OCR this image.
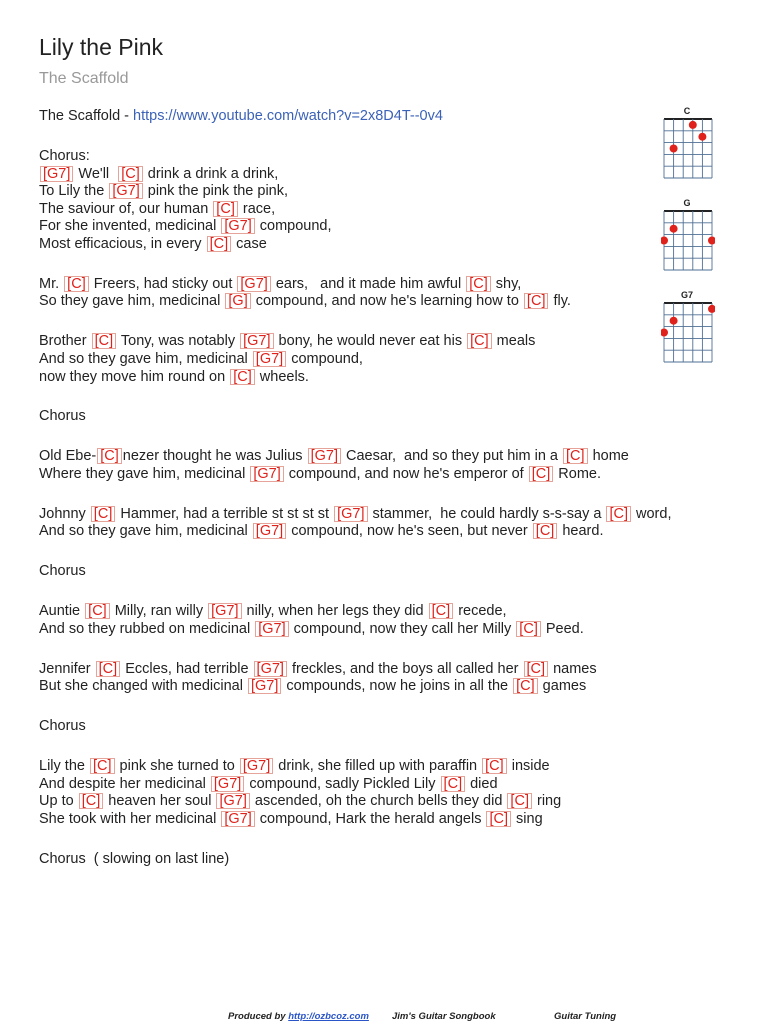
Lily the Pink
The Scaffold
The Scaffold - https://www.youtube.com/watch?v=2x8D4T--0v4
Chorus:
[G7] We'll  [C] drink a drink a drink,
To Lily the [G7] pink the pink the pink,
The saviour of, our human [C] race,
For she invented, medicinal [G7] compound,
Most efficacious, in every [C] case
Mr. [C] Freers, had sticky out [G7] ears,   and it made him awful [C] shy,
So they gave him, medicinal [G] compound, and now he's learning how to [C] fly.
Brother [C] Tony, was notably [G7] bony, he would never eat his [C] meals
And so they gave him, medicinal [G7] compound,
now they move him round on [C] wheels.
Chorus
Old Ebe- [C] nezer thought he was Julius [G7] Caesar,  and so they put him in a [C] home
Where they gave him, medicinal [G7] compound, and now he's emperor of [C] Rome.
Johnny [C] Hammer, had a terrible st st st st [G7] stammer,  he could hardly s-s-say a [C] word,
And so they gave him, medicinal [G7] compound, now he's seen, but never [C] heard.
Chorus
Auntie [C] Milly, ran willy [G7] nilly, when her legs they did [C] recede,
And so they rubbed on medicinal [G7] compound, now they call her Milly [C] Peed.
Jennifer [C] Eccles, had terrible [G7] freckles, and the boys all called her [C] names
But she changed with medicinal [G7] compounds, now he joins in all the [C] games
Chorus
Lily the [C] pink she turned to [G7] drink, she filled up with paraffin [C] inside
And despite her medicinal [G7] compound, sadly Pickled Lily [C] died
Up to [C] heaven her soul [G7] ascended, oh the church bells they did [C] ring
She took with her medicinal [G7] compound, Hark the herald angels [C] sing
Chorus  ( slowing on last line)
C
G
G7
Produced by http://ozbcoz.com Jim's Guitar Songbook	Guitar Tuning
